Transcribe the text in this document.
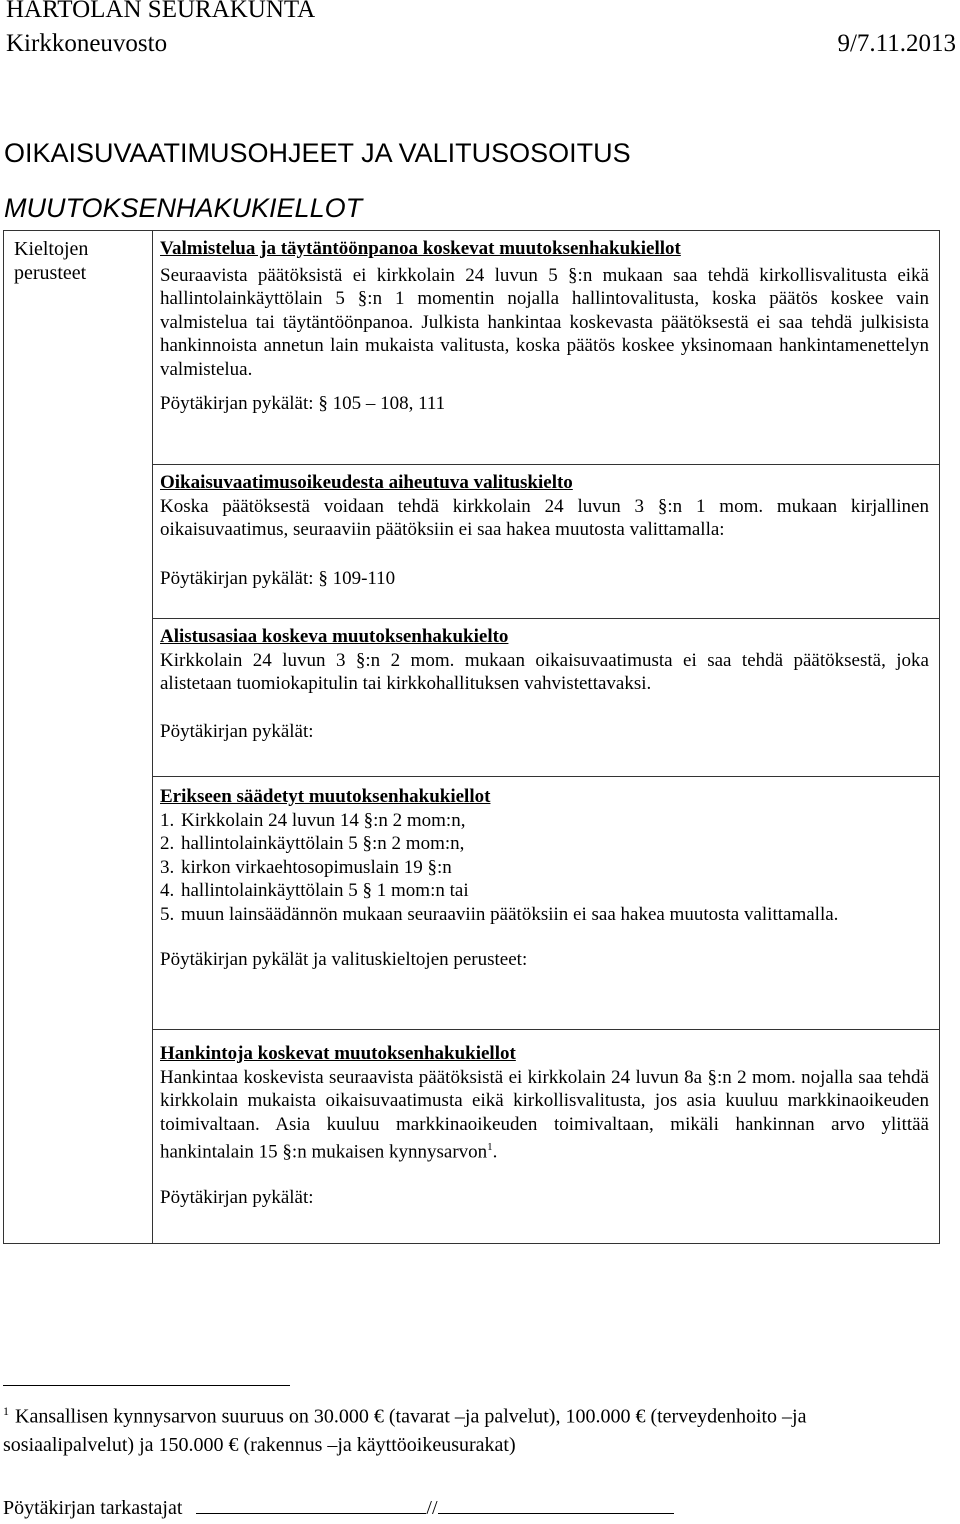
HARTOLAN SEURAKUNTA
Kirkkoneuvosto	9/7.11.2013
OIKAISUVAATIMUSOHJEET JA VALITUSOSOITUS
MUUTOKSENHAKUKIELLOT
Kieltojen perusteet

Valmistelua ja täytäntöönpanoa koskevat muutoksenhakukiellot
Seuraavista päätöksistä ei kirkkolain 24 luvun 5 §:n mukaan saa tehdä kirkollisvalitusta eikä hallintolainkäyttölain 5 §:n 1 momentin nojalla hallintovalitusta, koska päätös koskee vain valmistelua tai täytäntöönpanoa. Julkista hankintaa koskevasta päätöksestä ei saa tehdä julkisista hankinnoista annetun lain mukaista valitusta, koska päätös koskee yksinomaan hankintamenettelyn valmistelua.
Pöytäkirjan pykälät: § 105 – 108, 111
Oikaisuvaatimusoikeudesta aiheutuva valituskielto
Koska päätöksestä voidaan tehdä kirkkolain 24 luvun 3 §:n 1 mom. mukaan kirjallinen oikaisuvaatimus, seuraaviin päätöksiin ei saa hakea muutosta valittamalla:
Pöytäkirjan pykälät: § 109-110
Alistusasiaa koskeva muutoksenhakukielto
Kirkkolain 24 luvun 3 §:n 2 mom. mukaan oikaisuvaatimusta ei saa tehdä päätöksestä, joka alistetaan tuomiokapitulin tai kirkkohallituksen vahvistettavaksi.
Pöytäkirjan pykälät:
Erikseen säädetyt muutoksenhakukiellot
1. Kirkkolain 24 luvun 14 §:n 2 mom:n,
2. hallintolainkäyttölain 5 §:n 2 mom:n,
3. kirkon virkaehtosopimuslain 19 §:n
4. hallintolainkäyttölain 5 § 1 mom:n tai
5. muun lainsäädännön mukaan seuraaviin päätöksiin ei saa hakea muutosta valittamalla.
Pöytäkirjan pykälät ja valituskieltojen perusteet:
Hankintoja koskevat muutoksenhakukiellot
Hankintaa koskevista seuraavista päätöksistä ei kirkkolain 24 luvun 8a §:n 2 mom. nojalla saa tehdä kirkkolain mukaista oikaisuvaatimusta eikä kirkollisvalitusta, jos asia kuuluu markkinaoikeuden toimivaltaan. Asia kuuluu markkinaoikeuden toimivaltaan, mikäli hankinnan arvo ylittää hankintalain 15 §:n mukaisen kynnysarvon$^1$.
Pöytäkirjan pykälät:
$^1$ Kansallisen kynnysarvon suuruus on 30.000 € (tavarat –ja palvelut), 100.000 € (terveydenhoito –ja sosiaalipalvelut) ja 150.000 € (rakennus –ja käyttöoikeusurakat)
Pöytäkirjan tarkastajat	//
